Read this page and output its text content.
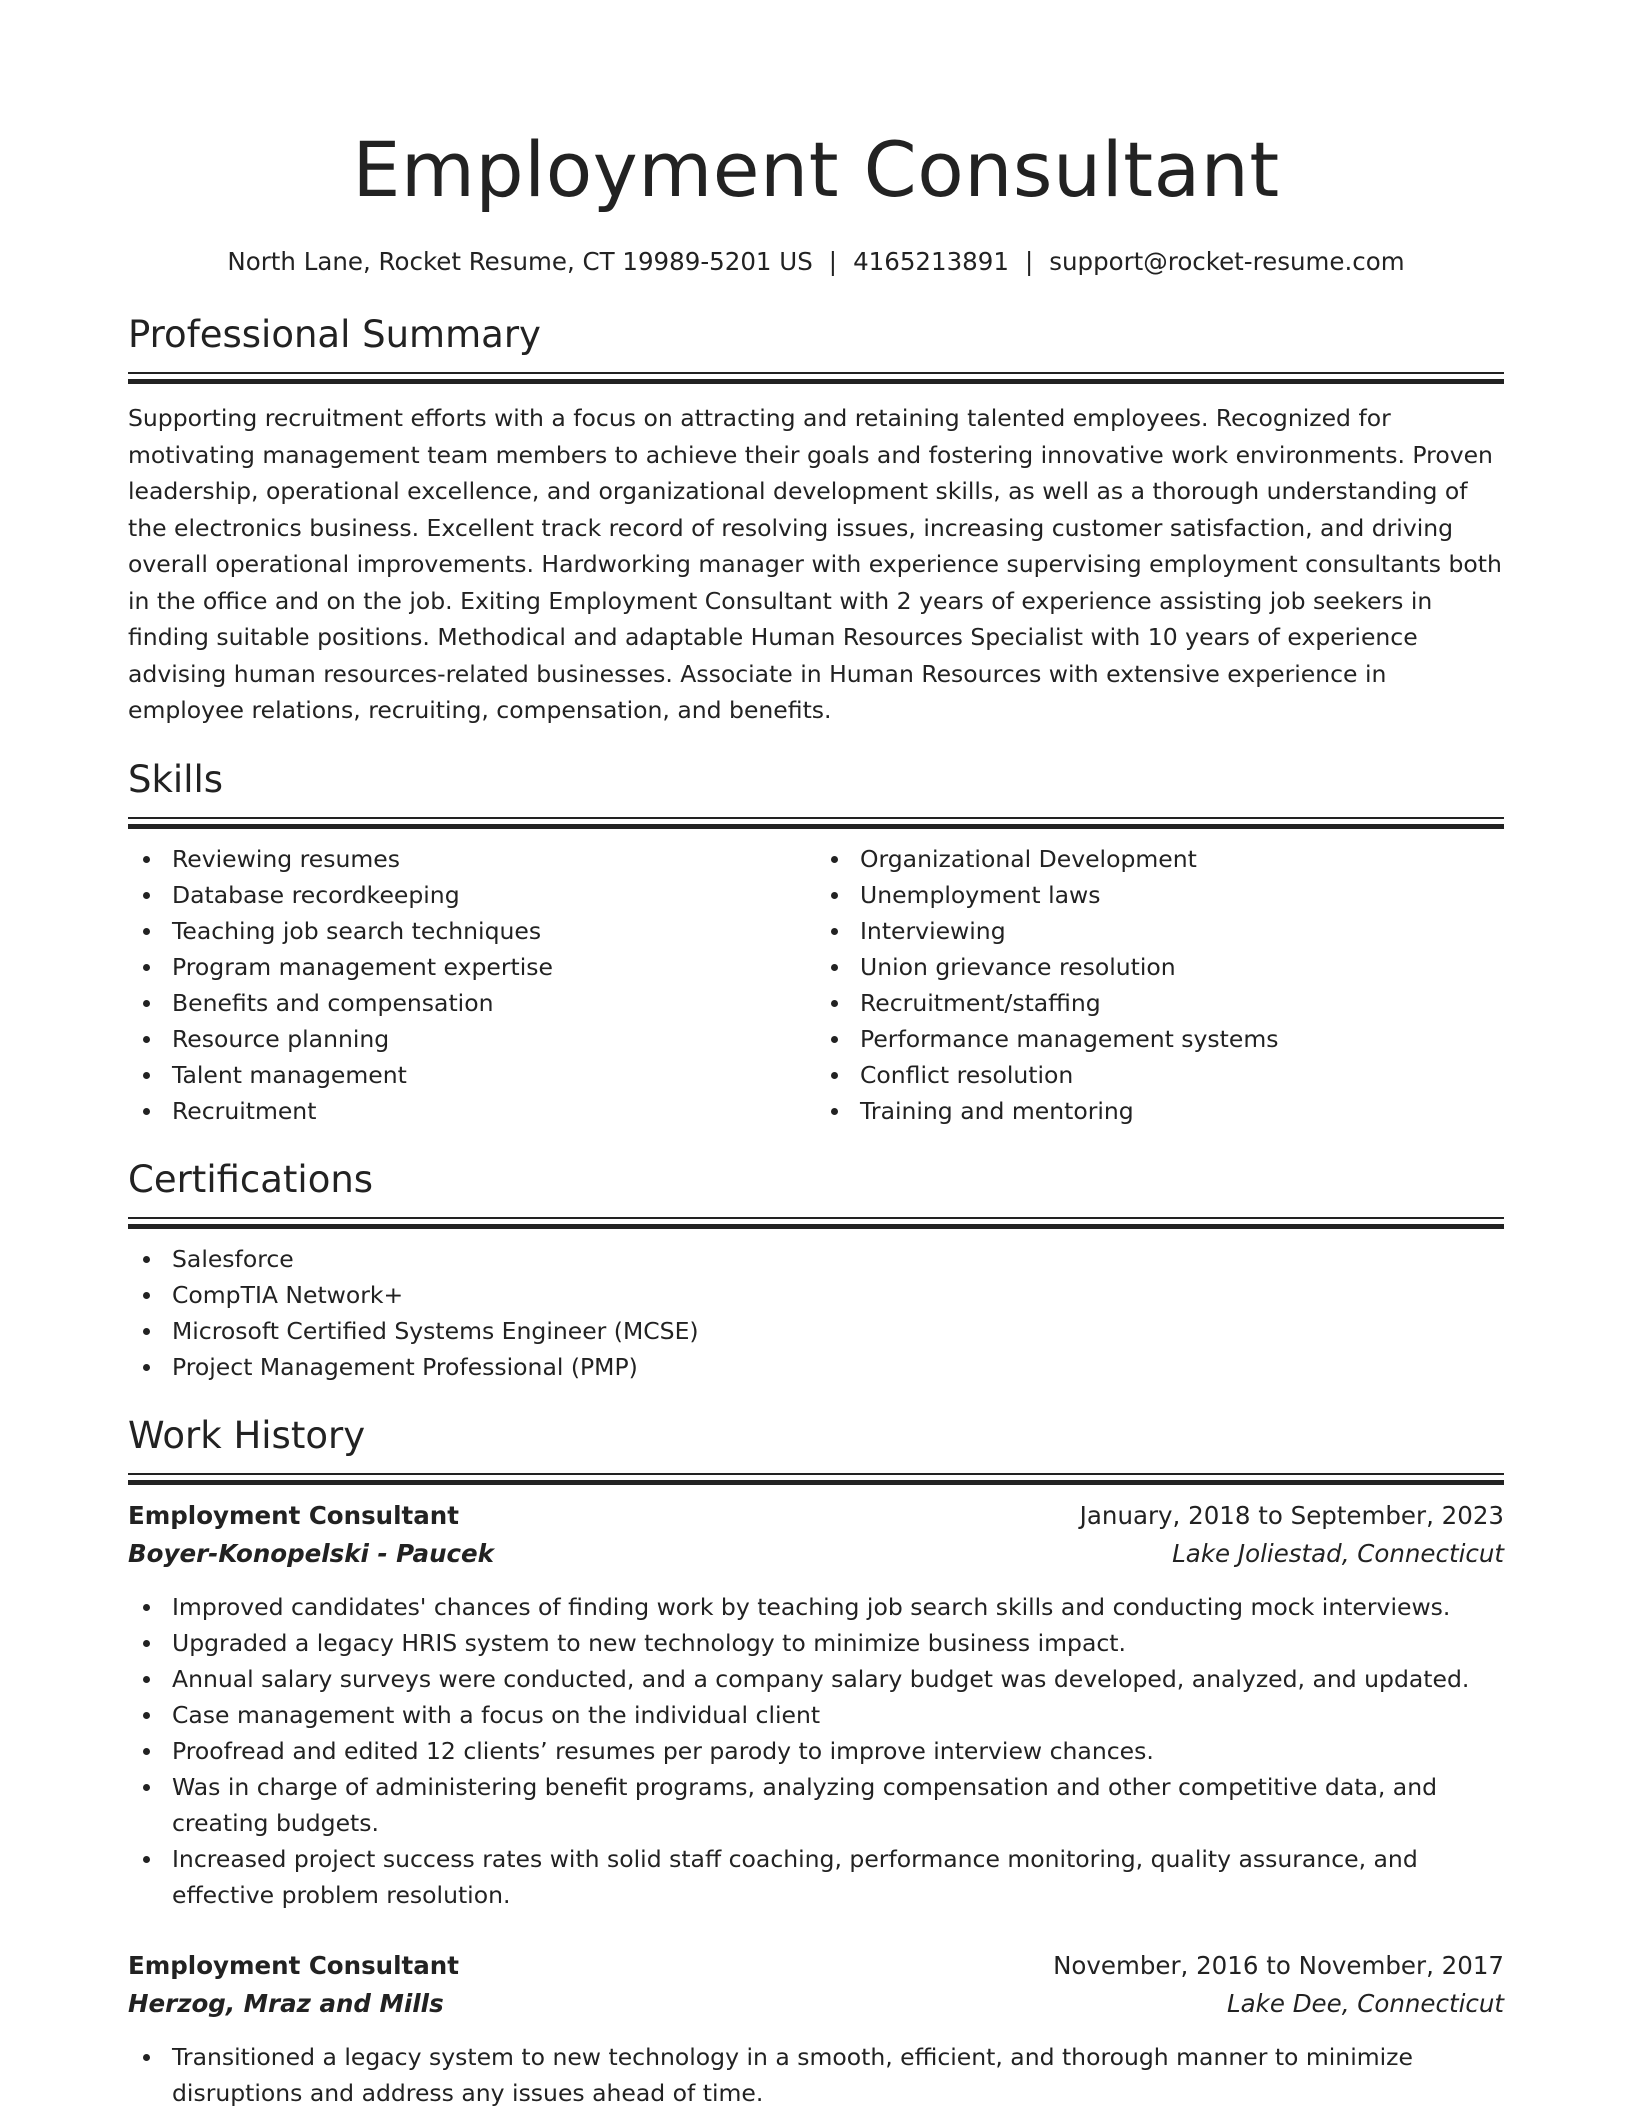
Employment Consultant
North Lane, Rocket Resume, CT 19989-5201 US | 4165213891 | support@rocket-resume.com
Professional Summary

Supporting recruitment efforts with a focus on attracting and retaining talented employees. Recognized for motivating management team members to achieve their goals and fostering innovative work environments. Proven leadership, operational excellence, and organizational development skills, as well as a thorough understanding of the electronics business. Excellent track record of resolving issues, increasing customer satisfaction, and driving overall operational improvements. Hardworking manager with experience supervising employment consultants both in the office and on the job. Exiting Employment Consultant with 2 years of experience assisting job seekers in finding suitable positions. Methodical and adaptable Human Resources Specialist with 10 years of experience advising human resources-related businesses. Associate in Human Resources with extensive experience in employee relations, recruiting, compensation, and benefits.

Skills
Reviewing resumes
Database recordkeeping
Teaching job search techniques
Program management expertise
Benefits and compensation
Resource planning
Talent management
Recruitment
Organizational Development
Unemployment laws
Interviewing
Union grievance resolution
Recruitment/staffing
Performance management systems
Conflict resolution
Training and mentoring
Certifications
Salesforce
CompTIA Network+
Microsoft Certified Systems Engineer (MCSE)
Project Management Professional (PMP)
Work History
Employment Consultant	January, 2018 to September, 2023
Boyer-Konopelski - Paucek	Lake Joliestad, Connecticut
Improved candidates' chances of finding work by teaching job search skills and conducting mock interviews.
Upgraded a legacy HRIS system to new technology to minimize business impact.
Annual salary surveys were conducted, and a company salary budget was developed, analyzed, and updated.
Case management with a focus on the individual client
Proofread and edited 12 clients’ resumes per parody to improve interview chances.
Was in charge of administering benefit programs, analyzing compensation and other competitive data, and creating budgets.
Increased project success rates with solid staff coaching, performance monitoring, quality assurance, and effective problem resolution.
Employment Consultant	November, 2016 to November, 2017
Herzog, Mraz and Mills	Lake Dee, Connecticut
Transitioned a legacy system to new technology in a smooth, efficient, and thorough manner to minimize disruptions and address any issues ahead of time.
